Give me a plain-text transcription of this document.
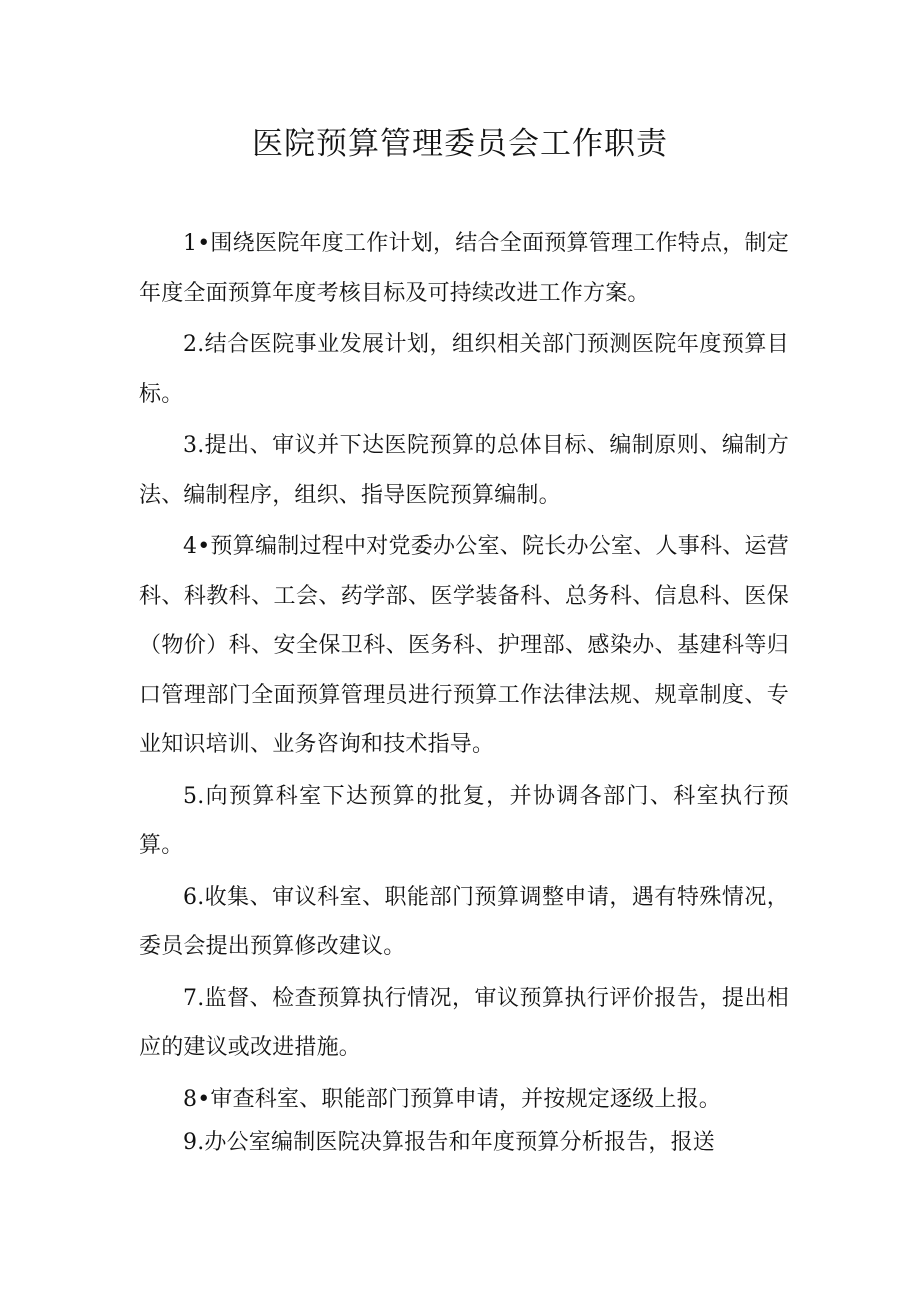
医院预算管理委员会工作职责

1•围绕医院年度工作计划，结合全面预算管理工作特点，制定年度全面预算年度考核目标及可持续改进工作方案。

2.结合医院事业发展计划，组织相关部门预测医院年度预算目标。

3.提出、审议并下达医院预算的总体目标、编制原则、编制方法、编制程序，组织、指导医院预算编制。

4•预算编制过程中对党委办公室、院长办公室、人事科、运营科、科教科、工会、药学部、医学装备科、总务科、信息科、医保（物价）科、安全保卫科、医务科、护理部、感染办、基建科等归口管理部门全面预算管理员进行预算工作法律法规、规章制度、专业知识培训、业务咨询和技术指导。

5.向预算科室下达预算的批复，并协调各部门、科室执行预算。

6.收集、审议科室、职能部门预算调整申请，遇有特殊情况，委员会提出预算修改建议。

7.监督、检查预算执行情况，审议预算执行评价报告，提出相应的建议或改进措施。

8•审查科室、职能部门预算申请，并按规定逐级上报。

9.办公室编制医院决算报告和年度预算分析报告，报送
